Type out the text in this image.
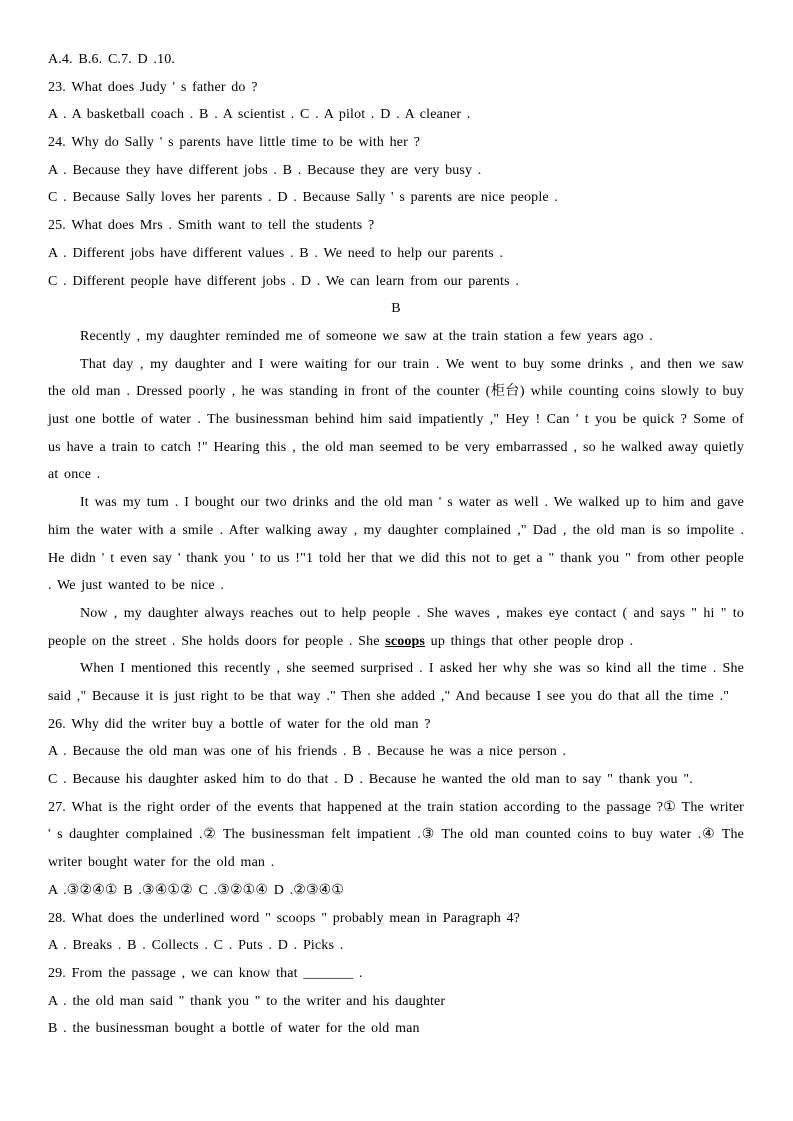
A.4. B.6. C.7. D .10.
23. What does Judy ' s father do ?
A . A basketball coach . B . A scientist . C . A pilot . D . A cleaner .
24. Why do Sally ' s parents have little time to be with her ?
A . Because they have different jobs . B . Because they are very busy .
C . Because Sally loves her parents . D . Because Sally ' s parents are nice people .
25. What does Mrs . Smith want to tell the students ?
A . Different jobs have different values . B . We need to help our parents .
C . Different people have different jobs . D . We can learn from our parents .
B
Recently , my daughter reminded me of someone we saw at the train station a few years ago .
That day , my daughter and I were waiting for our train . We went to buy some drinks , and then we saw the old man . Dressed poorly , he was standing in front of the counter (柜台) while counting coins slowly to buy just one bottle of water . The businessman behind him said impatiently ," Hey ! Can ' t you be quick ? Some of us have a train to catch !" Hearing this , the old man seemed to be very embarrassed , so he walked away quietly at once .
It was my tum . I bought our two drinks and the old man ' s water as well . We walked up to him and gave him the water with a smile . After walking away , my daughter complained ," Dad , the old man is so impolite . He didn ' t even say ' thank you ' to us !"1 told her that we did this not to get a " thank you " from other people . We just wanted to be nice .
Now , my daughter always reaches out to help people . She waves , makes eye contact ( and says " hi " to people on the street . She holds doors for people . She scoops up things that other people drop .
When I mentioned this recently , she seemed surprised . I asked her why she was so kind all the time . She said ," Because it is just right to be that way ." Then she added ," And because I see you do that all the time ."
26. Why did the writer buy a bottle of water for the old man ?
A . Because the old man was one of his friends . B . Because he was a nice person .
C . Because his daughter asked him to do that . D . Because he wanted the old man to say " thank you ".
27. What is the right order of the events that happened at the train station according to the passage ?① The writer ' s daughter complained .② The businessman felt impatient .③ The old man counted coins to buy water .④ The writer bought water for the old man .
A .③②④① B .③④①② C .③②①④ D .②③④①
28. What does the underlined word " scoops " probably mean in Paragraph 4?
A . Breaks . B . Collects . C . Puts . D . Picks .
29. From the passage , we can know that _______ .
A . the old man said " thank you " to the writer and his daughter
B . the businessman bought a bottle of water for the old man
